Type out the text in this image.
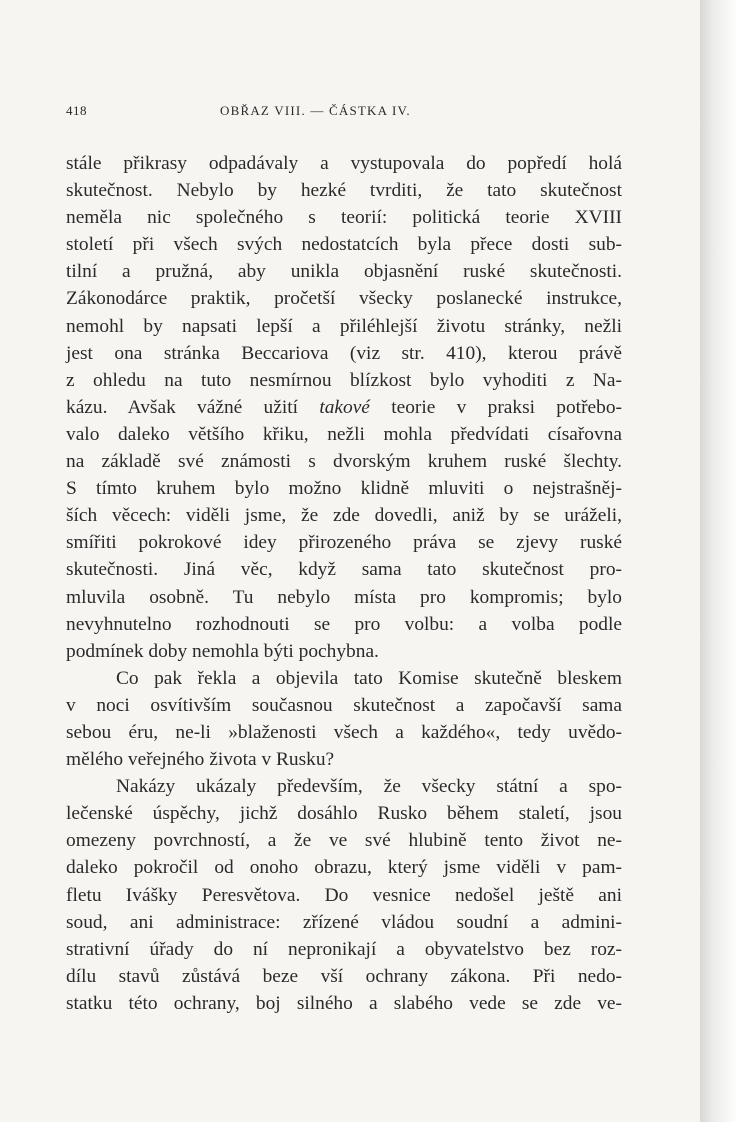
418	OBŘAZ VIII. — ČÁSTKA IV.
stále přikrasy odpadávaly a vystupovala do popředí holá
skutečnost. Nebylo by hezké tvrditi, že tato skutečnost
neměla nic společného s teorií: politická teorie XVIII
století při všech svých nedostatcích byla přece dosti sub-
tilní a pružná, aby unikla objasnění ruské skutečnosti.
Zákonodárce praktik, pročetší všecky poslanecké instrukce,
nemohl by napsati lepší a přiléhlejší životu stránky, nežli
jest ona stránka Beccariova (viz str. 410), kterou právě
z ohledu na tuto nesmírnou blízkost bylo vyhoditi z Na-
kázu. Avšak vážné užití takové teorie v praksi potřebo-
valo daleko většího křiku, nežli mohla předvídati císařovna
na základě své známosti s dvorským kruhem ruské šlechty.
S tímto kruhem bylo možno klidně mluviti o nejstrašněj-
ších věcech: viděli jsme, že zde dovedli, aniž by se uráželi,
smířiti pokrokové idey přirozeného práva se zjevy ruské
skutečnosti. Jiná věc, když sama tato skutečnost pro-
mluvila osobně. Tu nebylo místa pro kompromis; bylo
nevyhnutelno rozhodnouti se pro volbu: a volba podle
podmínek doby nemohla býti pochybna.
Co pak řekla a objevila tato Komise skutečně bleskem
v noci osvítivším současnou skutečnost a započavší sama
sebou éru, ne-li »blaženosti všech a každého«, tedy uvědo-
mělého veřejného života v Rusku?
Nakázy ukázaly především, že všecky státní a spo-
lečenské úspěchy, jichž dosáhlo Rusko během staletí, jsou
omezeny povrchností, a že ve své hlubině tento život ne-
daleko pokročil od onoho obrazu, který jsme viděli v pam-
fletu Ivášky Peresvětova. Do vesnice nedošel ještě ani
soud, ani administrace: zřízené vládou soudní a admini-
strativní úřady do ní nepronikají a obyvatelstvo bez roz-
dílu stavů zůstává beze vší ochrany zákona. Při nedo-
statku této ochrany, boj silného a slabého vede se zde ve-
